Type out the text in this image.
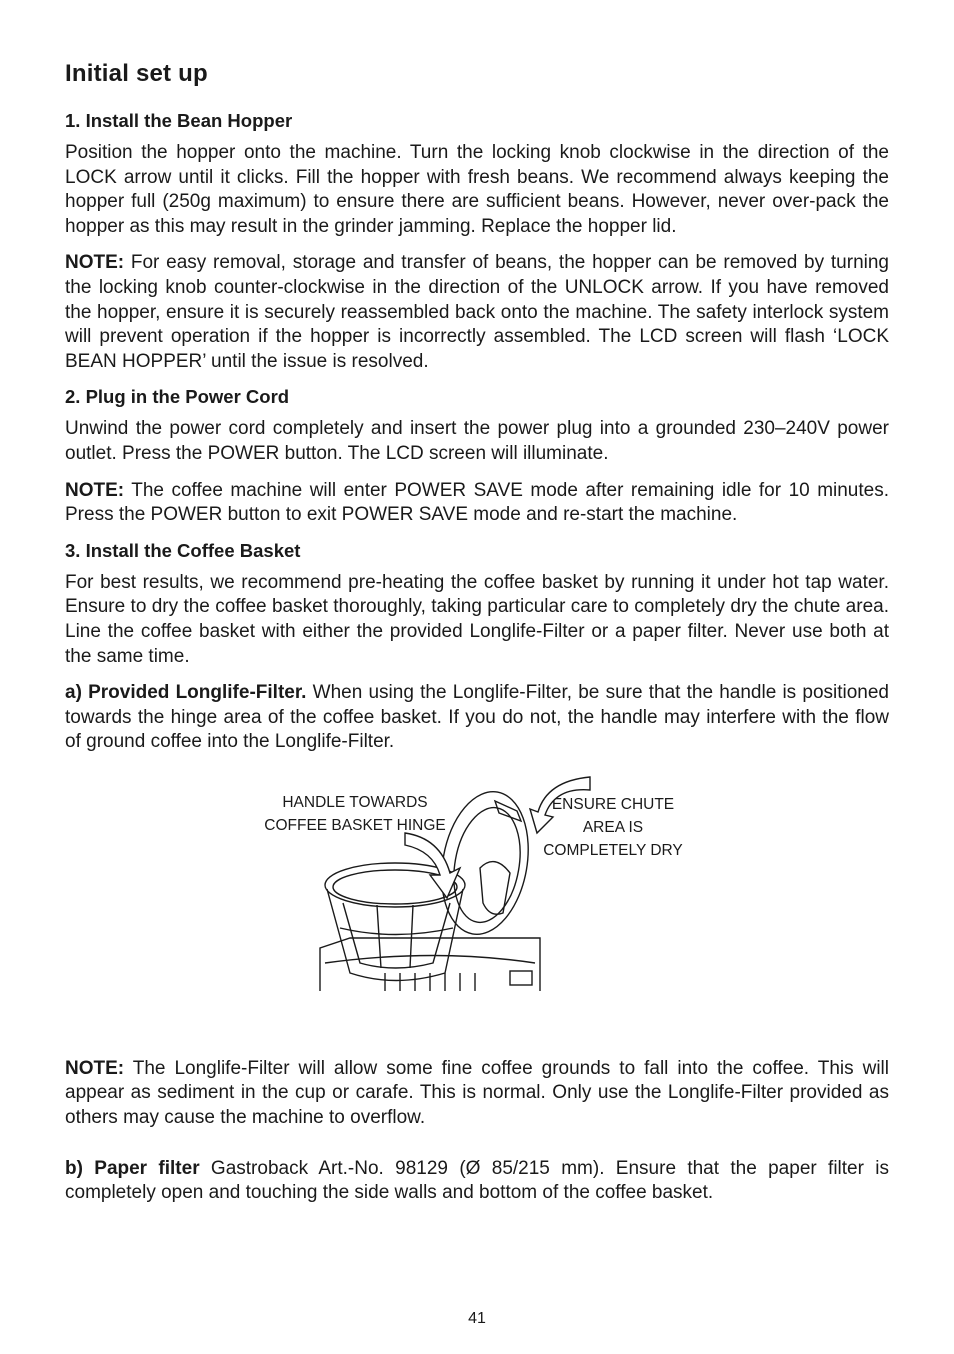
Initial set up
1. Install the Bean Hopper

Position the hopper onto the machine. Turn the locking knob clockwise in the direction of the LOCK arrow until it clicks. Fill the hopper with fresh beans. We recommend always keeping the hopper full (250g maximum) to ensure there are sufficient beans. However, never over-pack the hopper as this may result in the grinder jamming. Replace the hopper lid.

NOTE: For easy removal, storage and transfer of beans, the hopper can be removed by turning the locking knob counter-clockwise in the direction of the UNLOCK arrow. If you have removed the hopper, ensure it is securely reassembled back onto the machine. The safety interlock system will prevent operation if the hopper is incorrectly assembled. The LCD screen will flash ‘LOCK BEAN HOPPER’ until the issue is resolved.

2. Plug in the Power Cord

Unwind the power cord completely and insert the power plug into a grounded 230–240V power outlet. Press the POWER button. The LCD screen will illuminate.

NOTE: The coffee machine will enter POWER SAVE mode after remaining idle for 10 minutes. Press the POWER button to exit POWER SAVE mode and re-start the machine.

3. Install the Coffee Basket

For best results, we recommend pre-heating the coffee basket by running it under hot tap water. Ensure to dry the coffee basket thoroughly, taking particular care to completely dry the chute area. Line the coffee basket with either the provided Longlife-Filter or a paper filter. Never use both at the same time.

a) Provided Longlife-Filter. When using the Longlife-Filter, be sure that the handle is positioned towards the hinge area of the coffee basket. If you do not, the handle may interfere with the flow of ground coffee into the Longlife-Filter.

HANDLE TOWARDS
COFFEE BASKET HINGE
ENSURE CHUTE
AREA IS
COMPLETELY DRY

NOTE: The Longlife-Filter will allow some fine coffee grounds to fall into the coffee. This will appear as sediment in the cup or carafe. This is normal. Only use the Longlife-Filter provided as others may cause the machine to overflow.

b) Paper filter Gastroback Art.-No. 98129 (Ø 85/215 mm). Ensure that the paper filter is completely open and touching the side walls and bottom of the coffee basket.

41
